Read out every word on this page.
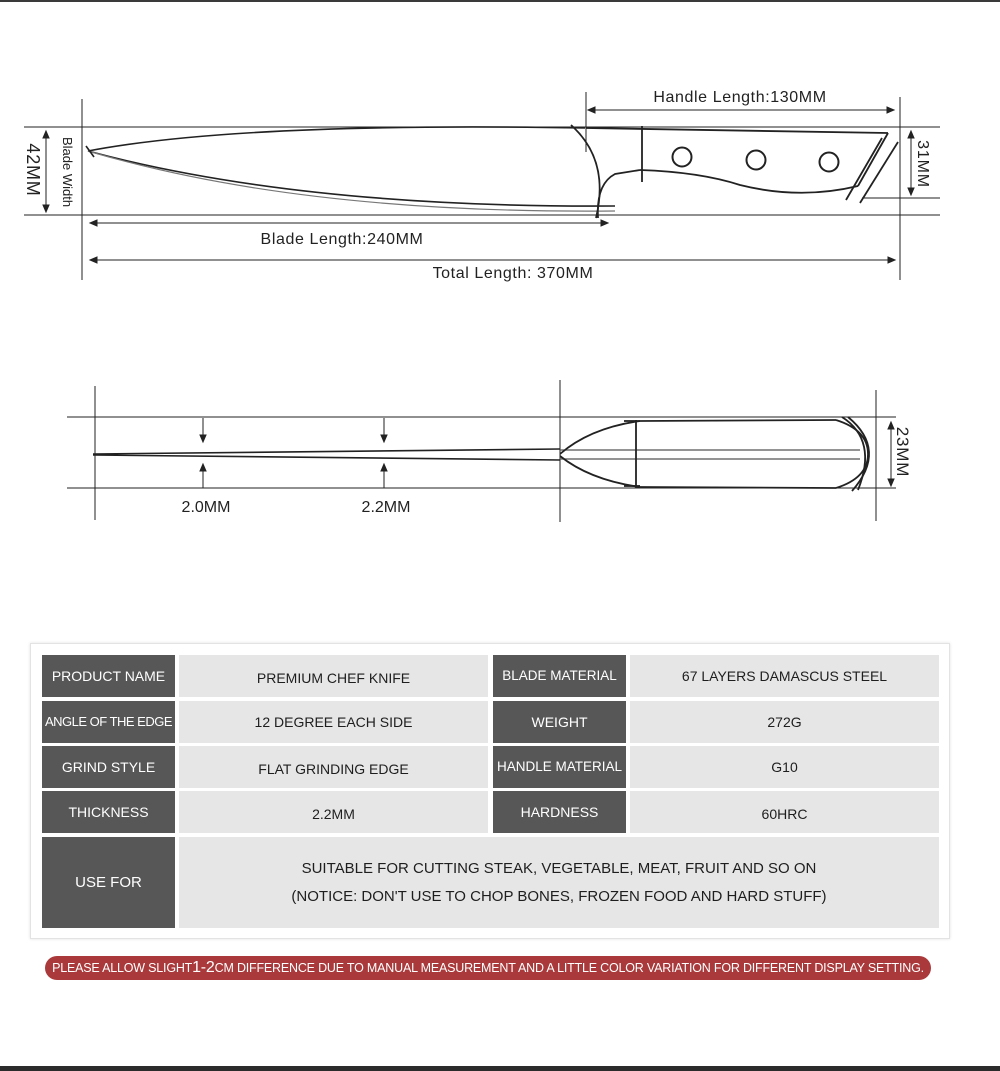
Handle Length:130MM
Blade Length:240MM
Total Length: 370MM
42MM Blade Width	31MM
2.0MM	2.2MM
23MM
PRODUCT NAME	PREMIUM CHEF KNIFE	BLADE MATERIAL	67 LAYERS DAMASCUS STEEL
ANGLE OF THE EDGE	12 DEGREE EACH SIDE	WEIGHT	272G
GRIND STYLE	FLAT GRINDING EDGE	HANDLE MATERIAL	G10
THICKNESS	2.2MM	HARDNESS	60HRC
USE FOR
SUITABLE FOR CUTTING STEAK, VEGETABLE, MEAT, FRUIT AND SO ON
(NOTICE: DON'T USE TO CHOP BONES, FROZEN FOOD AND HARD STUFF)
PLEASE ALLOW SLIGHT 1-2 CM DIFFERENCE DUE TO MANUAL MEASUREMENT AND A LITTLE COLOR VARIATION FOR DIFFERENT DISPLAY SETTING.
